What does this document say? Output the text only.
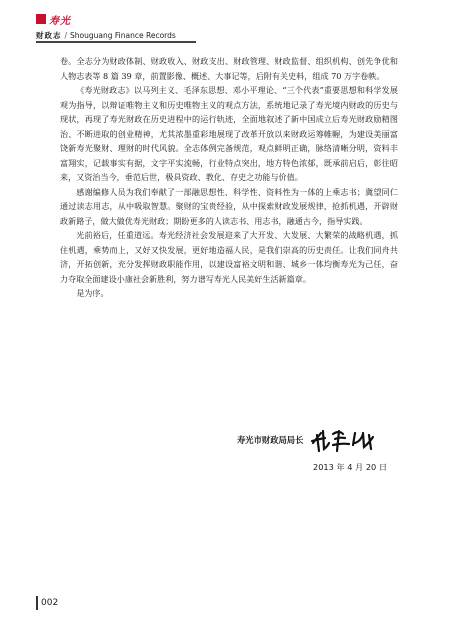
寿光
财政志 / Shouguang Finance Records

卷。全志分为财政体制、财政收入、财政支出、财政管理、财政监督、组织机构、创先争优和人物志表等 8 篇 39 章，前置影像、概述、大事记等，后附有关史料，组成 70 万字卷帙。

《寿光财政志》以马列主义、毛泽东思想、邓小平理论、“三个代表”重要思想和科学发展观为指导，以辩证唯物主义和历史唯物主义的观点方法，系统地记录了寿光境内财政的历史与现状，再现了寿光财政在历史进程中的运行轨迹，全面地叙述了新中国成立后寿光财政励精图治、不断进取的创业精神，尤其浓墨重彩地展现了改革开放以来财政运筹帷幄，为建设美丽富饶新寿光聚财、理财的时代风貌。全志体例完备规范，观点鲜明正确，脉络清晰分明，资料丰富翔实，记载事实有据，文字平实流畅，行业特点突出，地方特色浓郁，既承前启后，彰往昭来，又资治当今，垂范后世，极具资政、教化、存史之功能与价值。

感谢编修人员为我们奉献了一部融思想性、科学性、资料性为一体的上乘志书；冀望同仁通过读志用志，从中吸取智慧。聚财的宝贵经验，从中探索财政发展规律，抢抓机遇，开辟财政新路子，做大做优寿光财政；期盼更多的人读志书、用志书，融通古今，指导实践。

光前裕后，任重道远。寿光经济社会发展迎来了大开发、大发展、大繁荣的战略机遇，抓住机遇，乘势而上，又好又快发展，更好地造福人民，是我们崇高的历史责任。让我们同舟共济，开拓创新，充分发挥财政职能作用，以建设富裕文明和谐、城乡一体均衡寿光为己任，奋力夺取全面建设小康社会新胜利，努力谱写寿光人民美好生活新篇章。

是为序。

寿光市财政局局长
2013 年 4 月 20 日
002
